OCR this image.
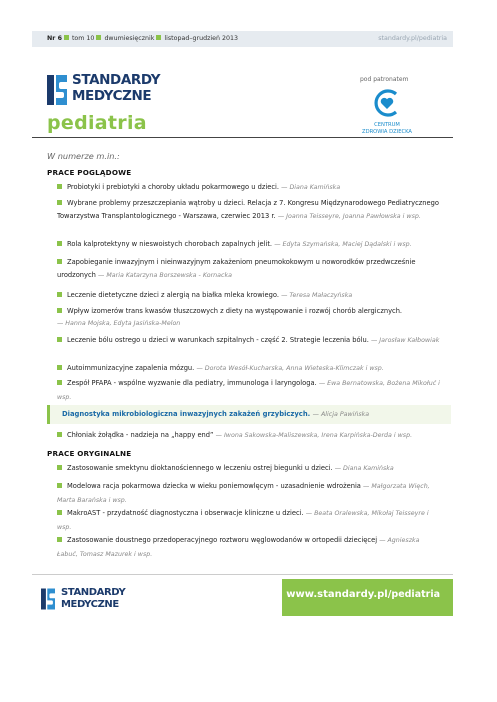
Nr 6 tom 10 dwumiesięcznik listopad–grudzień 2013	standardy.pl/pediatria
STANDARDY
MEDYCZNE
pediatria
pod patronatem
CENTRUM
ZDROWIA DZIECKA
W numerze m.in.:
PRACE POGLĄDOWE
Probiotyki i prebiotyki a choroby układu pokarmowego u dzieci. — Diana Kamińska
Wybrane problemy przeszczepiania wątroby u dzieci. Relacja z 7. Kongresu Międzynarodowego Pediatrycznego Towarzystwa Transplantologicznego - Warszawa, czerwiec 2013 r. — Joanna Teisseyre, Joanna Pawłowska i wsp.
Rola kalprotektyny w nieswoistych chorobach zapalnych jelit. — Edyta Szymańska, Maciej Dądalski i wsp.
Zapobieganie inwazyjnym i nieinwazyjnym zakażeniom pneumokokowym u noworodków przedwcześnie urodzonych — Maria Katarzyna Borszewska - Kornacka
Leczenie dietetyczne dzieci z alergią na białka mleka krowiego. — Teresa Małaczyńska
Wpływ izomerów trans kwasów tłuszczowych z diety na występowanie i rozwój chorób alergicznych.
— Hanna Mojska, Edyta Jasińska-Melon
Leczenie bólu ostrego u dzieci w warunkach szpitalnych - część 2. Strategie leczenia bólu. — Jarosław Kałbowiak
Autoimmunizacyjne zapalenia mózgu. — Dorota Wesół-Kucharska, Anna Wieteska-Klimczak i wsp.
Zespół PFAPA - wspólne wyzwanie dla pediatry, immunologa i laryngologa. — Ewa Bernatowska, Bożena Mikołuć i wsp.
Diagnostyka mikrobiologiczna inwazyjnych zakażeń grzybiczych. — Alicja Pawińska
Chłoniak żołądka - nadzieja na „happy end” — Iwona Sakowska-Maliszewska, Irena Karpińska-Derda i wsp.
PRACE ORYGINALNE
Zastosowanie smektynu dioktanościennego w leczeniu ostrej biegunki u dzieci. — Diana Kamińska
Modelowa racja pokarmowa dziecka w wieku poniemowlęcym - uzasadnienie wdrożenia — Małgorzata Więch, Marta Barańska i wsp.
MakroAST - przydatność diagnostyczna i obserwacje kliniczne u dzieci. — Beata Oralewska, Mikołaj Teisseyre i wsp.
Zastosowanie doustnego przedoperacyjnego roztworu węglowodanów w ortopedii dziecięcej — Agnieszka Łabuć, Tomasz Mazurek i wsp.
STANDARDY
MEDYCZNE
www.standardy.pl/pediatria
